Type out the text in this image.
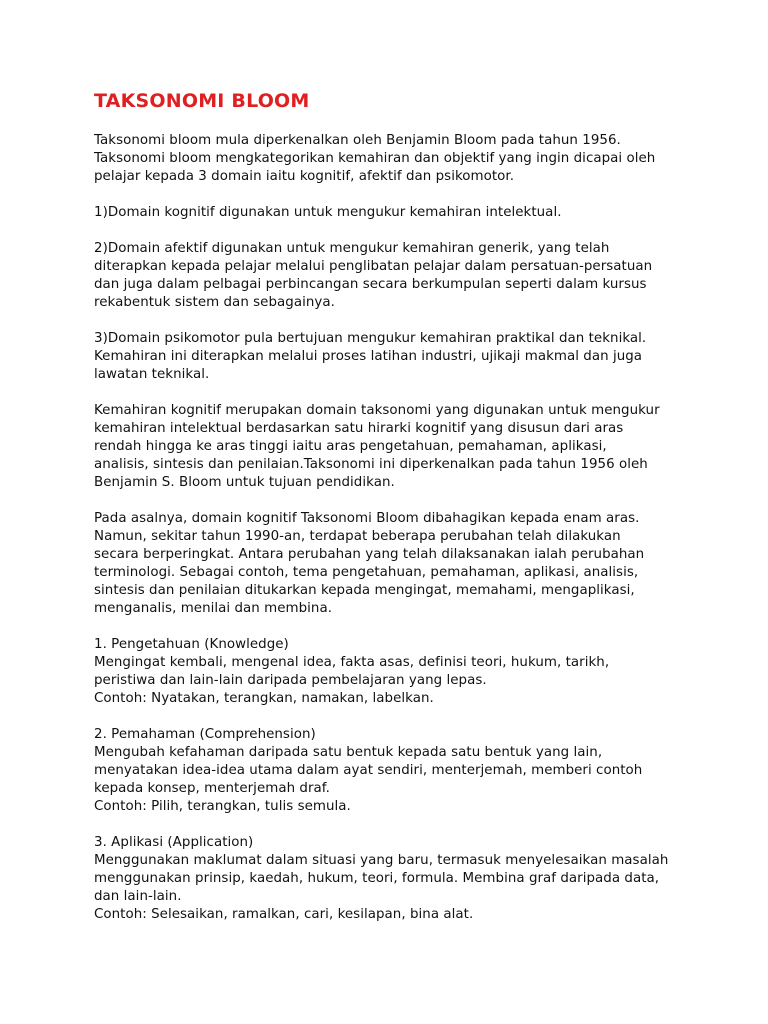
TAKSONOMI BLOOM
Taksonomi bloom mula diperkenalkan oleh Benjamin Bloom pada tahun 1956.
Taksonomi bloom mengkategorikan kemahiran dan objektif yang ingin dicapai oleh
pelajar kepada 3 domain iaitu kognitif, afektif dan psikomotor.
1)Domain kognitif digunakan untuk mengukur kemahiran intelektual.
2)Domain afektif digunakan untuk mengukur kemahiran generik, yang telah
diterapkan kepada pelajar melalui penglibatan pelajar dalam persatuan-persatuan
dan juga dalam pelbagai perbincangan secara berkumpulan seperti dalam kursus
rekabentuk sistem dan sebagainya.
3)Domain psikomotor pula bertujuan mengukur kemahiran praktikal dan teknikal.
Kemahiran ini diterapkan melalui proses latihan industri, ujikaji makmal dan juga
lawatan teknikal.
Kemahiran kognitif merupakan domain taksonomi yang digunakan untuk mengukur
kemahiran intelektual berdasarkan satu hirarki kognitif yang disusun dari aras
rendah hingga ke aras tinggi iaitu aras pengetahuan, pemahaman, aplikasi,
analisis, sintesis dan penilaian.Taksonomi ini diperkenalkan pada tahun 1956 oleh
Benjamin S. Bloom untuk tujuan pendidikan.
Pada asalnya, domain kognitif Taksonomi Bloom dibahagikan kepada enam aras.
Namun, sekitar tahun 1990-an, terdapat beberapa perubahan telah dilakukan
secara berperingkat. Antara perubahan yang telah dilaksanakan ialah perubahan
terminologi. Sebagai contoh, tema pengetahuan, pemahaman, aplikasi, analisis,
sintesis dan penilaian ditukarkan kepada mengingat, memahami, mengaplikasi,
menganalis, menilai dan membina.
1. Pengetahuan (Knowledge)
Mengingat kembali, mengenal idea, fakta asas, definisi teori, hukum, tarikh,
peristiwa dan lain-lain daripada pembelajaran yang lepas.
Contoh: Nyatakan, terangkan, namakan, labelkan.
2. Pemahaman (Comprehension)
Mengubah kefahaman daripada satu bentuk kepada satu bentuk yang lain,
menyatakan idea-idea utama dalam ayat sendiri, menterjemah, memberi contoh
kepada konsep, menterjemah draf.
Contoh: Pilih, terangkan, tulis semula.
3. Aplikasi (Application)
Menggunakan maklumat dalam situasi yang baru, termasuk menyelesaikan masalah
menggunakan prinsip, kaedah, hukum, teori, formula. Membina graf daripada data,
dan lain-lain.
Contoh: Selesaikan, ramalkan, cari, kesilapan, bina alat.
